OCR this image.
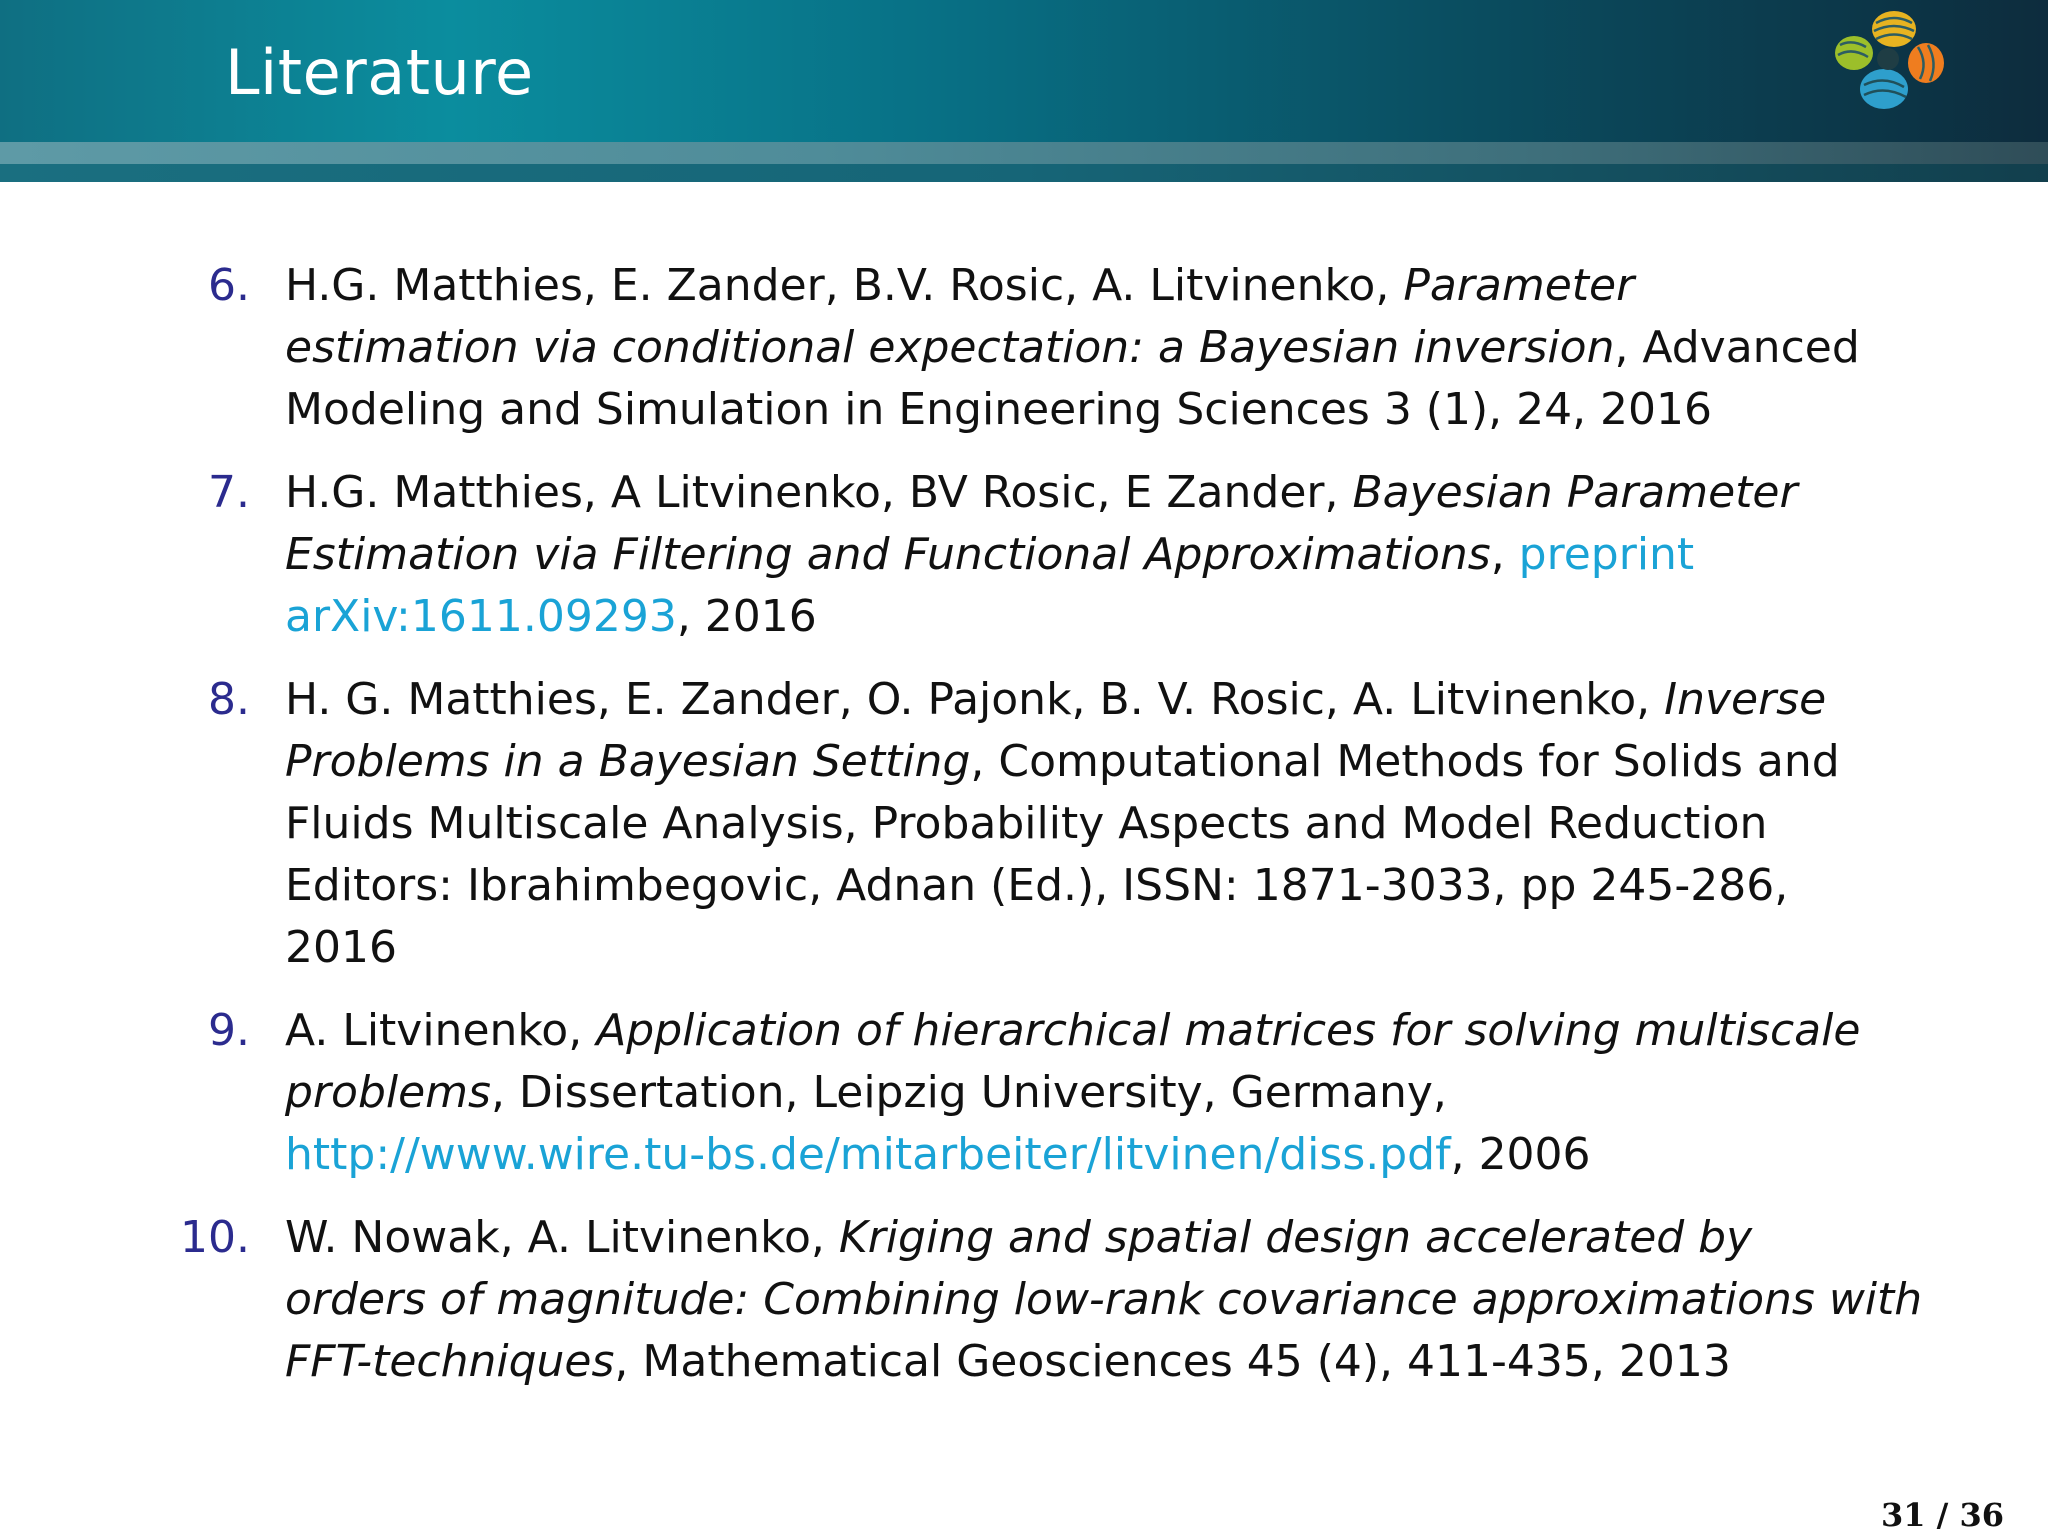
Literature
6. H.G. Matthies, E. Zander, B.V. Rosic, A. Litvinenko, Parameter
estimation via conditional expectation: a Bayesian inversion, Advanced
Modeling and Simulation in Engineering Sciences 3 (1), 24, 2016
7. H.G. Matthies, A Litvinenko, BV Rosic, E Zander, Bayesian Parameter
Estimation via Filtering and Functional Approximations, preprint
arXiv:1611.09293, 2016
8. H. G. Matthies, E. Zander, O. Pajonk, B. V. Rosic, A. Litvinenko, Inverse
Problems in a Bayesian Setting, Computational Methods for Solids and
Fluids Multiscale Analysis, Probability Aspects and Model Reduction
Editors: Ibrahimbegovic, Adnan (Ed.), ISSN: 1871-3033, pp 245-286,
2016
9. A. Litvinenko, Application of hierarchical matrices for solving multiscale
problems, Dissertation, Leipzig University, Germany,
http://www.wire.tu-bs.de/mitarbeiter/litvinen/diss.pdf, 2006
10. W. Nowak, A. Litvinenko, Kriging and spatial design accelerated by
orders of magnitude: Combining low-rank covariance approximations with
FFT-techniques, Mathematical Geosciences 45 (4), 411-435, 2013
31 / 36
